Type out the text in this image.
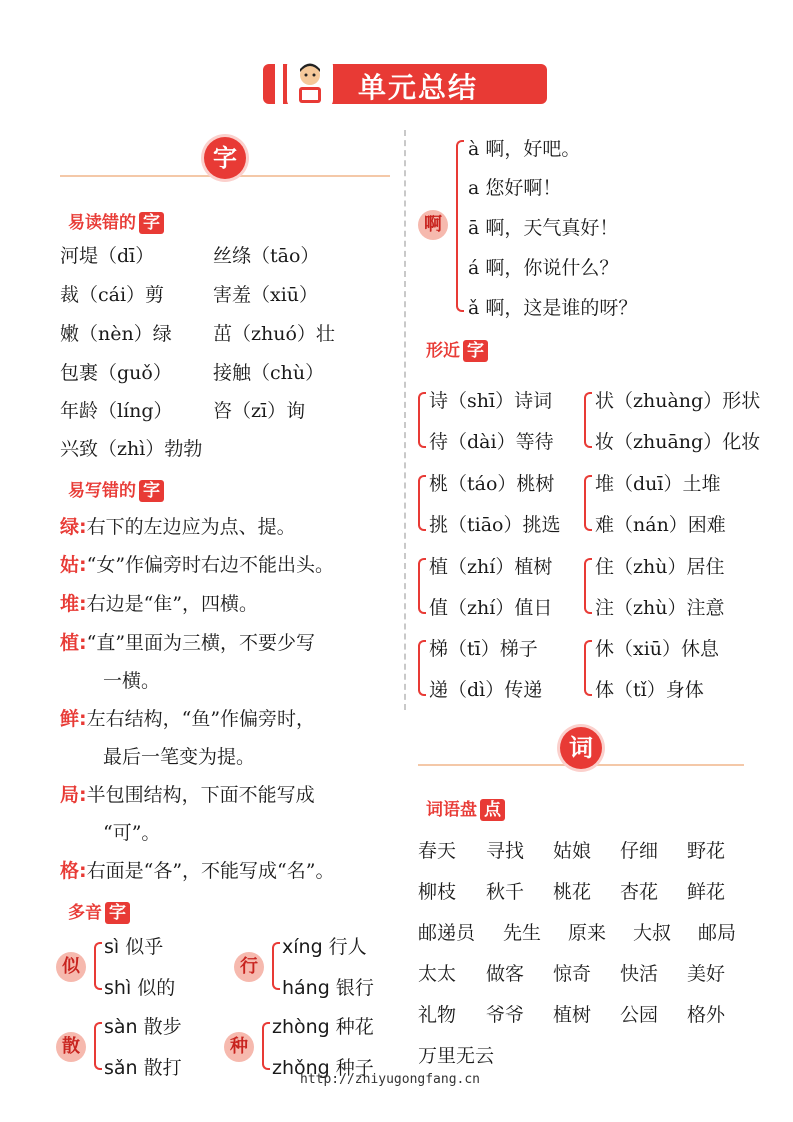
单元总结
字
易读错的 字
河堤（dī）	丝绦（tāo）
裁（cái）剪	害羞（xiū）
嫩（nèn）绿 茁（zhuó）壮
包裹（guǒ） 接触（chù）
年龄（líng） 咨（zī）询
兴致（zhì）勃勃
易写错的 字
绿:右下的左边应为点、提。
姑:“女”作偏旁时右边不能出头。
堆:右边是“隹”，四横。
植:“直”里面为三横，不要少写
一横。
鲜:左右结构，“鱼”作偏旁时，
最后一笔变为提。
局:半包围结构，下面不能写成
“可”。
格:右面是“各”，不能写成“名”。
多音 字
似
sì 似乎
shì 似的
行
xíng 行人
háng 银行
散
sàn 散步
sǎn 散打
种
zhòng 种花
zhǒng 种子
啊
à 啊，好吧。
a 您好啊！
ā 啊，天气真好！
á 啊，你说什么？
ǎ 啊，这是谁的呀？
形近 字
诗（shī）诗词
待（dài）等待
状（zhuàng）形状
妆（zhuāng）化妆
桃（táo）桃树
挑（tiāo）挑选
堆（duī）土堆
难（nán）困难
植（zhí）植树
值（zhí）值日
住（zhù）居住
注（zhù）注意
梯（tī）梯子
递（dì）传递
休（xiū）休息
体（tǐ）身体
词
词语盘 点
春天 寻找 姑娘 仔细 野花
柳枝 秋千 桃花 杏花 鲜花
邮递员 先生 原来 大叔 邮局
太太 做客 惊奇 快活 美好
礼物 爷爷 植树 公园 格外
万里无云
http://zhiyugongfang.cn
